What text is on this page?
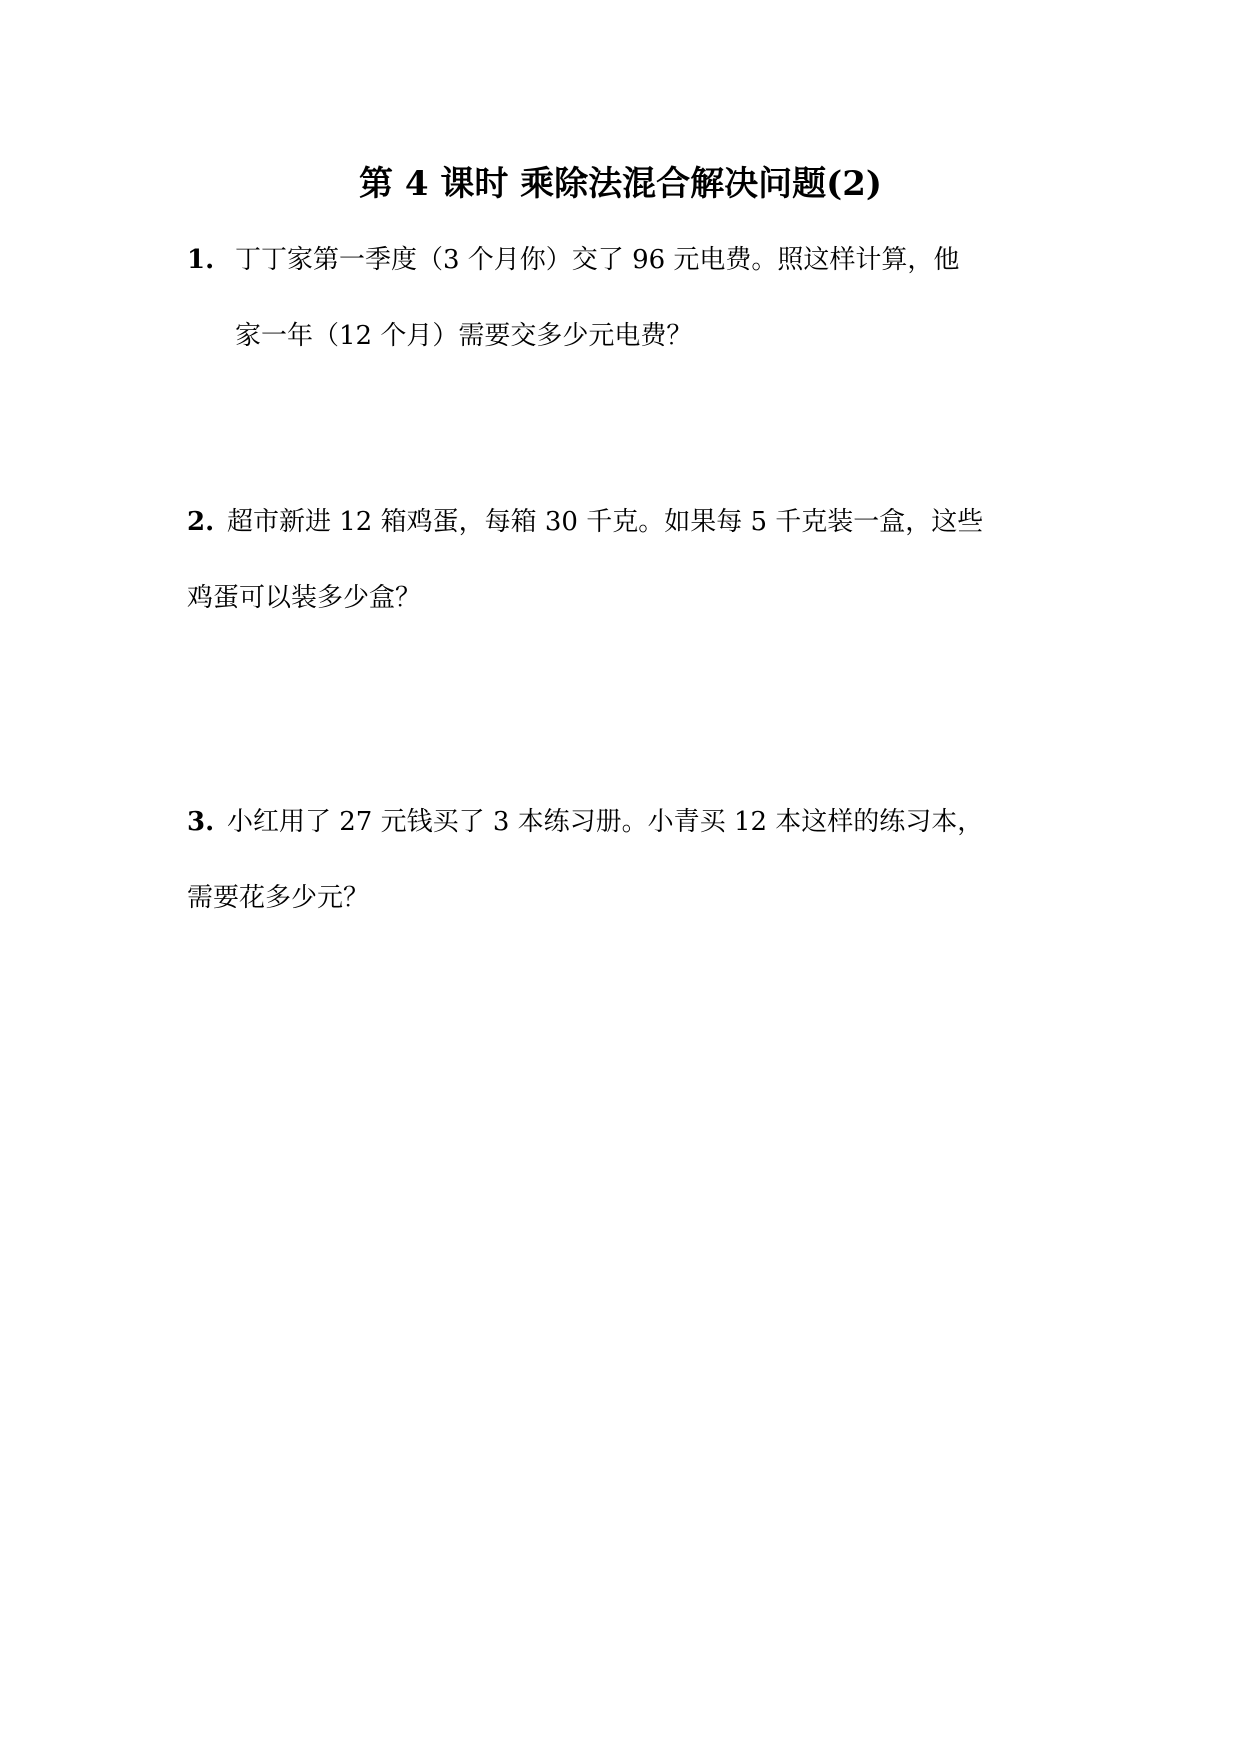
第 4 课时 乘除法混合解决问题(2)
1. 丁丁家第一季度（3 个月你）交了 96 元电费。照这样计算，他
家一年（12 个月）需要交多少元电费？
2. 超市新进 12 箱鸡蛋，每箱 30 千克。如果每 5 千克装一盒，这些
鸡蛋可以装多少盒？
3. 小红用了 27 元钱买了 3 本练习册。小青买 12 本这样的练习本，
需要花多少元？
